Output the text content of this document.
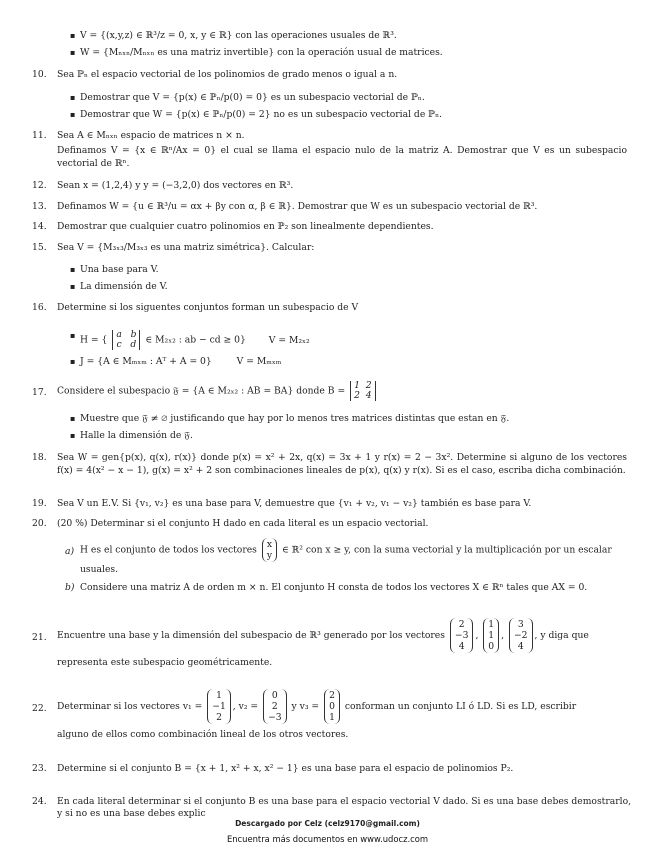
▪ V = {(x,y,z) ∈ ℝ³/z = 0, x, y ∈ ℝ} con las operaciones usuales de ℝ³.
▪ W = {Mₙₓₙ/Mₙₓₙ es una matriz invertible} con la operación usual de matrices.
10. Sea ℙₙ el espacio vectorial de los polinomios de grado menos o igual a n.
▪ Demostrar que V = {p(x) ∈ ℙₙ/p(0) = 0} es un subespacio vectorial de ℙₙ.
▪ Demostrar que W = {p(x) ∈ ℙₙ/p(0) = 2} no es un subespacio vectorial de ℙₙ.
11. Sea A ∈ Mₙₓₙ espacio de matrices n × n.
Definamos V = {x ∈ ℝⁿ/Ax = 0} el cual se llama el espacio nulo de la matriz A. Demostrar que V es un subespacio vectorial de ℝⁿ.
12. Sean x = (1,2,4) y y = (−3,2,0) dos vectores en ℝ³.
13. Definamos W = {u ∈ ℝ³/u = αx + βy con α, β ∈ ℝ}. Demostrar que W es un subespacio vectorial de ℝ³.
14. Demostrar que cualquier cuatro polinomios en ℙ₂ son linealmente dependientes.
15. Sea V = {M₃ₓ₃/M₃ₓ₃ es una matriz simétrica}. Calcular:
▪ Una base para V.
▪ La dimensión de V.
16. Determine si los siguentes conjuntos forman un subespacio de V
▪ H = { a b
c d ∈ M₂ₓ₂ : ab − cd ≥ 0} V = M₂ₓ₂
▪ J = {A ∈ Mₘₓₘ : Aᵀ + A = 0}	V = Mₘₓₘ
17. Considere el subespacio 𝔉 = {A ∈ M₂ₓ₂ : AB = BA} donde B = 1 2
2 4
▪ Muestre que 𝔉 ≠ ∅ justificando que hay por lo menos tres matrices distintas que estan en 𝔉.
▪ Halle la dimensión de 𝔉.
18. Sea W = gen{p(x), q(x), r(x)} donde p(x) = x² + 2x, q(x) = 3x + 1 y r(x) = 2 − 3x². Determine si alguno de los vectores f(x) = 4(x² − x − 1), g(x) = x² + 2 son combinaciones lineales de p(x), q(x) y r(x). Si es el caso, escriba dicha combinación.
19. Sea V un E.V. Si {v₁, v₂} es una base para V, demuestre que {v₁ + v₂, v₁ − v₂} también es base para V.
20. (20 %) Determinar si el conjunto H dado en cada literal es un espacio vectorial.
a) H es el conjunto de todos los vectores x
y ∈ ℝ² con x ≥ y, con la suma vectorial y la multiplicación por un escalar
usuales.
b) Considere una matriz A de orden m × n. El conjunto H consta de todos los vectores X ∈ ℝⁿ tales que AX = 0.
21. Encuentre una base y la dimensión del subespacio de ℝ³ generado por los vectores 2
−3
4, 1
1
0, 3
−2
4, y diga que
representa este subespacio geométricamente.
22. Determinar si los vectores v₁ = 1
−1
2, v₂ = 0
2
−3 y v₃ = 2
0
1 conforman un conjunto LI ó LD. Si es LD, escribir
alguno de ellos como combinación lineal de los otros vectores.
23. Determine si el conjunto B = {x + 1, x² + x, x² − 1} es una base para el espacio de polinomios P₂.
24. En cada literal determinar si el conjunto B es una base para el espacio vectorial V dado. Si es una base debes demostrarlo,
y si no es una base debes explic
Descargado por Celz (celz9170@gmail.com)
Encuentra más documentos en www.udocz.com
